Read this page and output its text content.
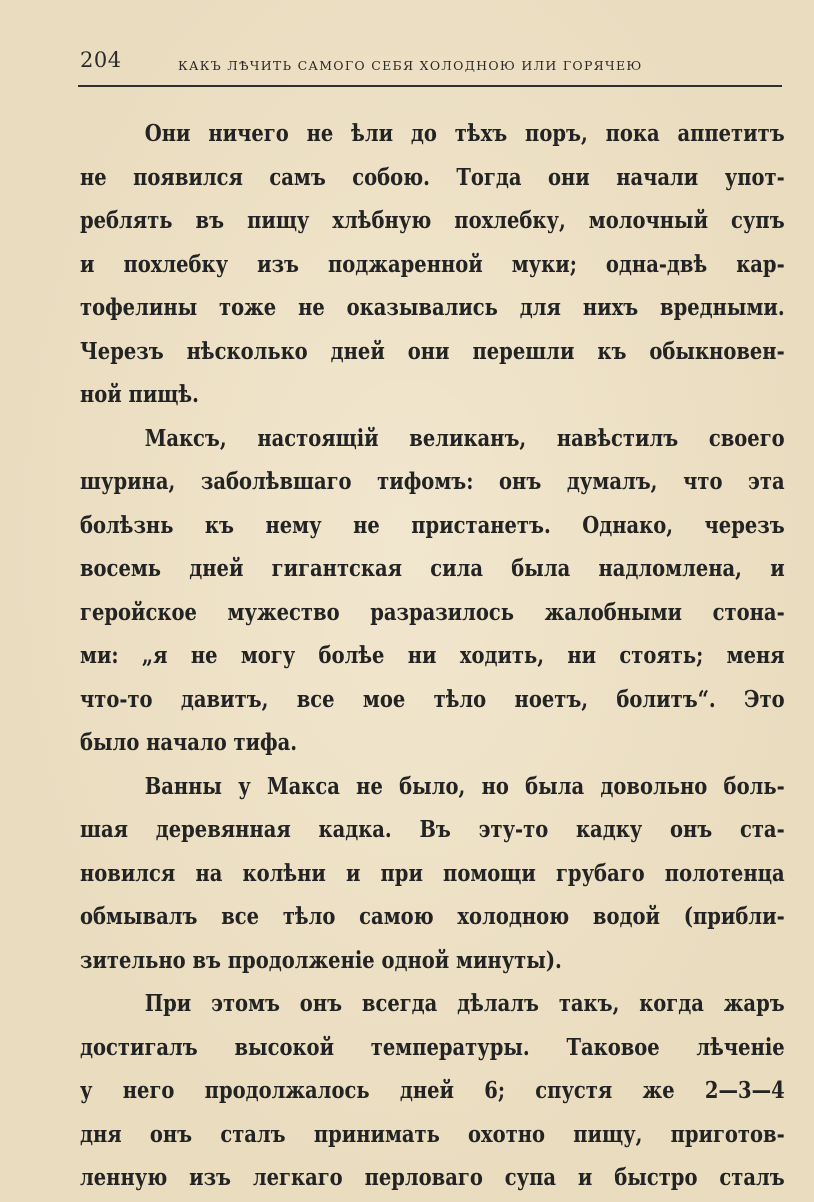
204	КАКЪ ЛѢЧИТЬ САМОГО СЕБЯ ХОЛОДНОЮ ИЛИ ГОРЯЧЕЮ
Они ничего не ѣли до тѣхъ поръ, пока аппетитъ
не появился самъ собою. Тогда они начали упот-
реблять въ пищу хлѣбную похлебку, молочный супъ
и похлебку изъ поджаренной муки; одна-двѣ кар-
тофелины тоже не оказывались для нихъ вредными.
Черезъ нѣсколько дней они перешли къ обыкновен-
ной пищѣ.
Максъ, настоящій великанъ, навѣстилъ своего
шурина, заболѣвшаго тифомъ: онъ думалъ, что эта
болѣзнь къ нему не пристанетъ. Однако, черезъ
восемь дней гигантская сила была надломлена, и
геройское мужество разразилось жалобными стона-
ми: „я не могу болѣе ни ходить, ни стоять; меня
что-то давитъ, все мое тѣло ноетъ, болитъ“. Это
было начало тифа.
Ванны у Макса не было, но была довольно боль-
шая деревянная кадка. Въ эту-то кадку онъ ста-
новился на колѣни и при помощи грубаго полотенца
обмывалъ все тѣло самою холодною водой (прибли-
зительно въ продолженіе одной минуты).
При этомъ онъ всегда дѣлалъ такъ, когда жаръ
достигалъ высокой температуры. Таковое лѣченіе
у него продолжалось дней 6; спустя же 2—3—4
дня онъ сталъ принимать охотно пищу, приготов-
ленную изъ легкаго перловаго супа и быстро сталъ
